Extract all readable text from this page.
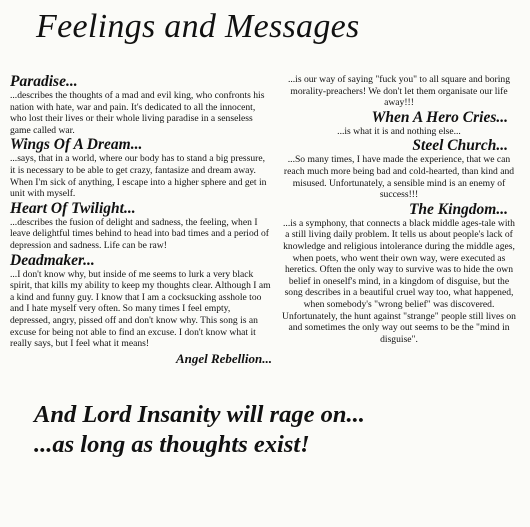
Feelings and Messages

Paradise...

...describes the thoughts of a mad and evil king, who confronts his nation with hate, war and pain. It's dedicated to all the innocent, who lost their lives or their whole living paradise in a senseless game called war.

Wings Of A Dream...

...says, that in a world, where our body has to stand a big pressure, it is necessary to be able to get crazy, fantasize and dream away. When I'm sick of anything, I escape into a higher sphere and get in unit with myself.

Heart Of Twilight...

...describes the fusion of delight and sadness, the feeling, when I leave delightful times behind to head into bad times and a period of depression and sadness. Life can be raw!

Deadmaker...

...I don't know why, but inside of me seems to lurk a very black spirit, that kills my ability to keep my thoughts clear. Although I am a kind and funny guy. I know that I am a cocksucking asshole too and I hate myself very often. So many times I feel empty, depressed, angry, pissed off and don't know why. This song is an excuse for being not able to find an excuse. I don't know what it really says, but I feel what it means!

Angel Rebellion...

...is our way of saying "fuck you" to all square and boring morality-preachers! We don't let them organisate our life away!!!

When A Hero Cries...

...is what it is and nothing else...

Steel Church...

...So many times, I have made the experience, that we can reach much more being bad and cold-hearted, than kind and misused. Unfortunately, a sensible mind is an enemy of success!!!

The Kingdom...

...is a symphony, that connects a black middle ages-tale with a still living daily problem. It tells us about people's lack of knowledge and religious intolerance during the middle ages, when poets, who went their own way, were executed as heretics. Often the only way to survive was to hide the own belief in oneself's mind, in a kingdom of disguise, but the song describes in a beautiful cruel way too, what happened, when somebody's "wrong belief" was discovered. Unfortunately, the hunt against "strange" people still lives on and sometimes the only way out seems to be the "mind in disguise".

And Lord Insanity will rage on...
...as long as thoughts exist!
